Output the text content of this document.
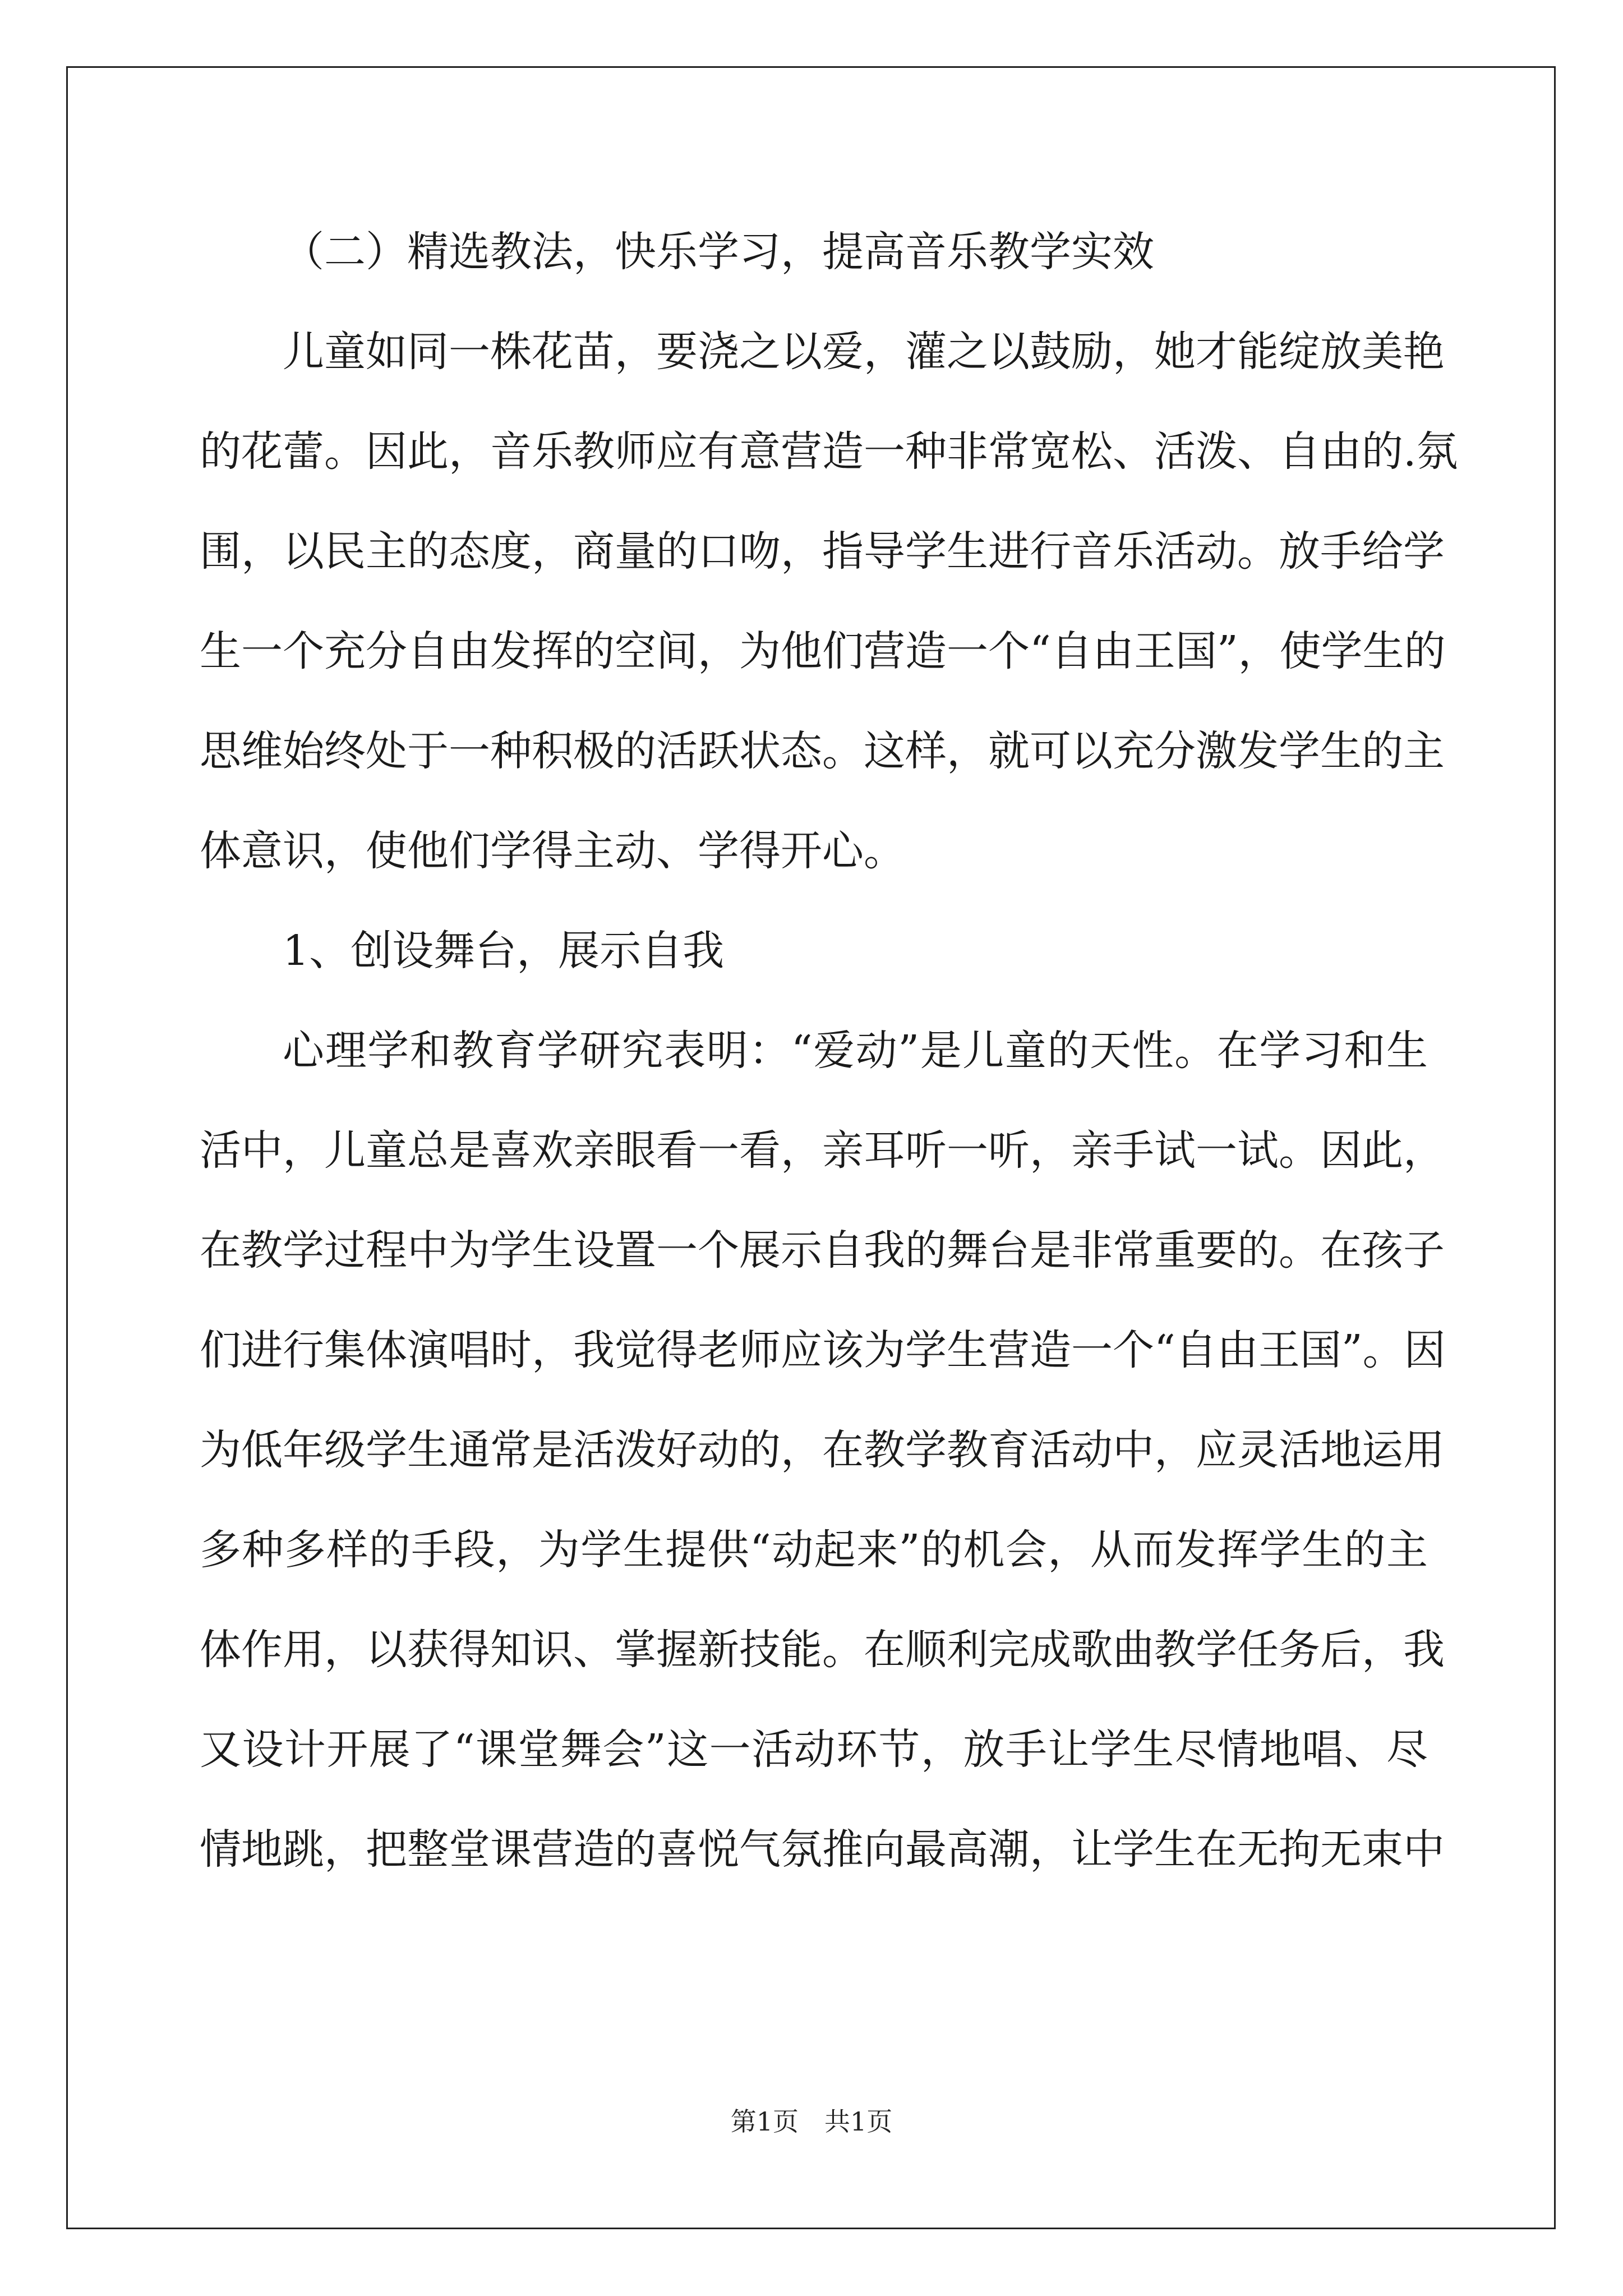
（二）精选教法，快乐学习，提高音乐教学实效

儿童如同一株花苗，要浇之以爱，灌之以鼓励，她才能绽放美艳
的花蕾。因此，音乐教师应有意营造一种非常宽松、活泼、自由的.氛
围，以民主的态度，商量的口吻，指导学生进行音乐活动。放手给学
生一个充分自由发挥的空间，为他们营造一个“自由王国”，使学生的
思维始终处于一种积极的活跃状态。这样，就可以充分激发学生的主
体意识，使他们学得主动、学得开心。

1、创设舞台，展示自我

心理学和教育学研究表明：“爱动”是儿童的天性。在学习和生
活中，儿童总是喜欢亲眼看一看，亲耳听一听，亲手试一试。因此，
在教学过程中为学生设置一个展示自我的舞台是非常重要的。在孩子
们进行集体演唱时，我觉得老师应该为学生营造一个“自由王国”。因
为低年级学生通常是活泼好动的，在教学教育活动中，应灵活地运用
多种多样的手段，为学生提供“动起来”的机会，从而发挥学生的主
体作用，以获得知识、掌握新技能。在顺利完成歌曲教学任务后，我
又设计开展了“课堂舞会”这一活动环节，放手让学生尽情地唱、尽
情地跳，把整堂课营造的喜悦气氛推向最高潮，让学生在无拘无束中
第1页　共1页
